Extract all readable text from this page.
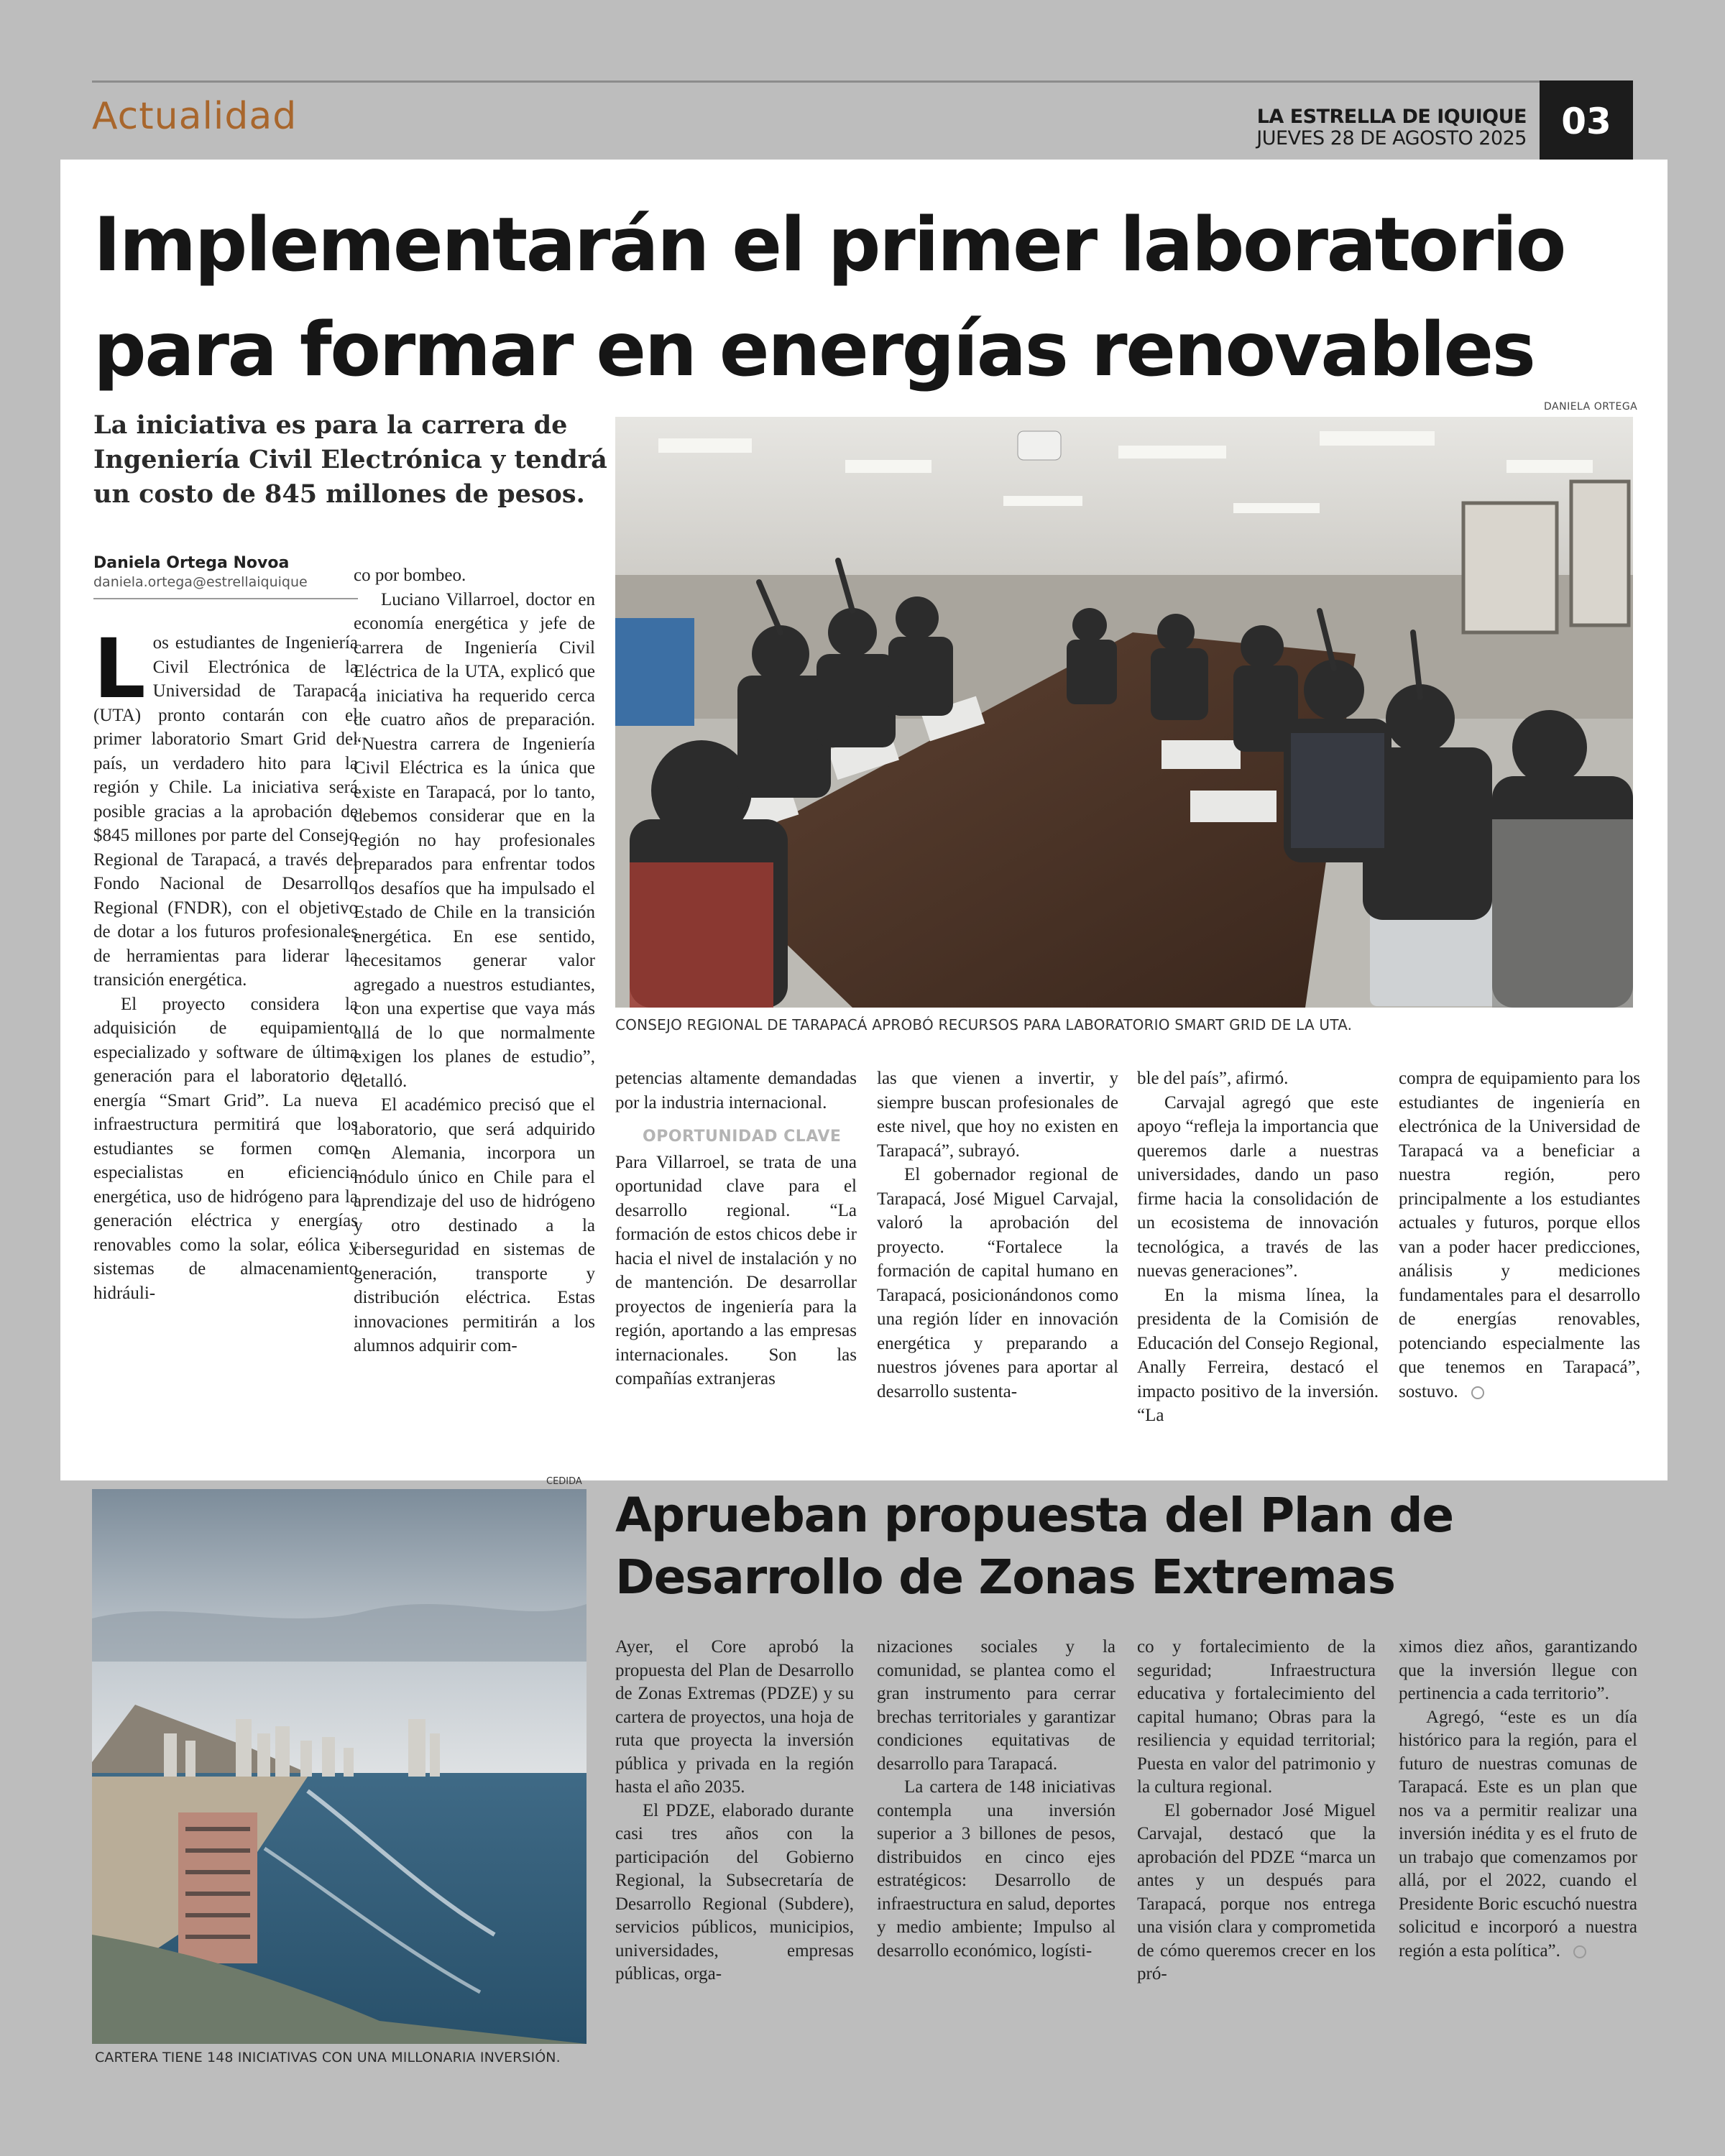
Actualidad	LA ESTRELLA DE IQUIQUE
JUEVES 28 DE AGOSTO 2025 03
Implementarán el primer laboratorio
para formar en energías renovables
La iniciativa es para la carrera de Ingeniería Civil Electrónica y tendrá un costo de 845 millones de pesos.
Daniela Ortega Novoa
daniela.ortega@estrellaiquique
DANIELA ORTEGA
CONSEJO REGIONAL DE TARAPACÁ APROBÓ RECURSOS PARA LABORATORIO SMART GRID DE LA UTA.

Los estudiantes de Ingeniería Civil Electrónica de la Universidad de Tarapacá (UTA) pronto contarán con el primer laboratorio Smart Grid del país, un verdadero hito para la región y Chile. La iniciativa será posible gracias a la aprobación de $845 millones por parte del Consejo Regional de Tarapacá, a través del Fondo Nacional de Desarrollo Regional (FNDR), con el objetivo de dotar a los futuros profesionales de herramientas para liderar la transición energética.

El proyecto considera la adquisición de equipamiento especializado y software de última generación para el laboratorio de energía “Smart Grid”. La nueva infraestructura permitirá que los estudiantes se formen como especialistas en eficiencia energética, uso de hidrógeno para la generación eléctrica y energías renovables como la solar, eólica y sistemas de almacenamiento hidráuli-

co por bombeo.

Luciano Villarroel, doctor en economía energética y jefe de carrera de Ingeniería Civil Eléctrica de la UTA, explicó que la iniciativa ha requerido cerca de cuatro años de preparación. “Nuestra carrera de Ingeniería Civil Eléctrica es la única que existe en Tarapacá, por lo tanto, debemos considerar que en la región no hay profesionales preparados para enfrentar todos los desafíos que ha impulsado el Estado de Chile en la transición energética. En ese sentido, necesitamos generar valor agregado a nuestros estudiantes, con una expertise que vaya más allá de lo que normalmente exigen los planes de estudio”, detalló.

El académico precisó que el laboratorio, que será adquirido en Alemania, incorpora un módulo único en Chile para el aprendizaje del uso de hidrógeno y otro destinado a la ciberseguridad en sistemas de generación, transporte y distribución eléctrica. Estas innovaciones permitirán a los alumnos adquirir com-

petencias altamente demandadas por la industria internacional.

OPORTUNIDAD CLAVE

Para Villarroel, se trata de una oportunidad clave para el desarrollo regional. “La formación de estos chicos debe ir hacia el nivel de instalación y no de mantención. De desarrollar proyectos de ingeniería para la región, aportando a las empresas internacionales. Son las compañías extranjeras

las que vienen a invertir, y siempre buscan profesionales de este nivel, que hoy no existen en Tarapacá”, subrayó.

El gobernador regional de Tarapacá, José Miguel Carvajal, valoró la aprobación del proyecto. “Fortalece la formación de capital humano en Tarapacá, posicionándonos como una región líder en innovación energética y preparando a nuestros jóvenes para aportar al desarrollo sustenta-

ble del país”, afirmó.

Carvajal agregó que este apoyo “refleja la importancia que queremos darle a nuestras universidades, dando un paso firme hacia la consolidación de un ecosistema de innovación tecnológica, a través de las nuevas generaciones”.

En la misma línea, la presidenta de la Comisión de Educación del Consejo Regional, Anally Ferreira, destacó el impacto positivo de la inversión. “La

compra de equipamiento para los estudiantes de ingeniería en electrónica de la Universidad de Tarapacá va a beneficiar a nuestra región, pero principalmente a los estudiantes actuales y futuros, porque ellos van a poder hacer predicciones, análisis y mediciones fundamentales para el desarrollo de energías renovables, potenciando especialmente las que tenemos en Tarapacá”, sostuvo.

CEDIDA
CARTERA TIENE 148 INICIATIVAS CON UNA MILLONARIA INVERSIÓN.
Aprueban propuesta del Plan de
Desarrollo de Zonas Extremas

Ayer, el Core aprobó la propuesta del Plan de Desarrollo de Zonas Extremas (PDZE) y su cartera de proyectos, una hoja de ruta que proyecta la inversión pública y privada en la región hasta el año 2035.

El PDZE, elaborado durante casi tres años con la participación del Gobierno Regional, la Subsecretaría de Desarrollo Regional (Subdere), servicios públicos, municipios, universidades, empresas públicas, orga-

nizaciones sociales y la comunidad, se plantea como el gran instrumento para cerrar brechas territoriales y garantizar condiciones equitativas de desarrollo para Tarapacá.

La cartera de 148 iniciativas contempla una inversión superior a 3 billones de pesos, distribuidos en cinco ejes estratégicos: Desarrollo de infraestructura en salud, deportes y medio ambiente; Impulso al desarrollo económico, logísti-

co y fortalecimiento de la seguridad; Infraestructura educativa y fortalecimiento del capital humano; Obras para la resiliencia y equidad territorial; Puesta en valor del patrimonio y la cultura regional.

El gobernador José Miguel Carvajal, destacó que la aprobación del PDZE “marca un antes y un después para Tarapacá, porque nos entrega una visión clara y comprometida de cómo queremos crecer en los pró-

ximos diez años, garantizando que la inversión llegue con pertinencia a cada territorio”.

Agregó, “este es un día histórico para la región, para el futuro de nuestras comunas de Tarapacá. Este es un plan que nos va a permitir realizar una inversión inédita y es el fruto de un trabajo que comenzamos por allá, por el 2022, cuando el Presidente Boric escuchó nuestra solicitud e incorporó a nuestra región a esta política”.
